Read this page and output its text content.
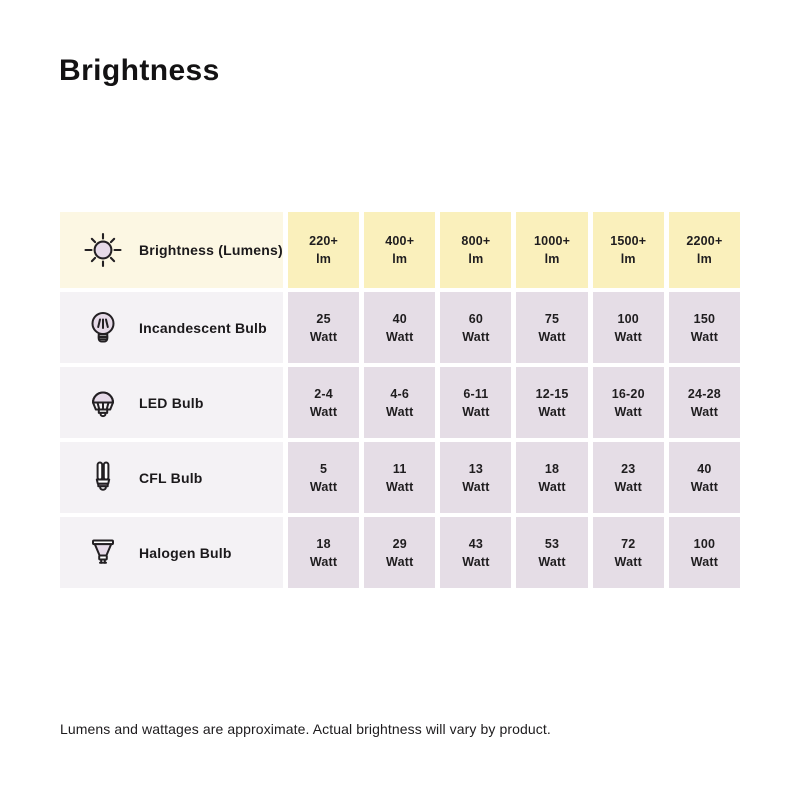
Brightness
Brightness (Lumens)
220+
lm
400+
lm
800+
lm
1000+
lm
1500+
lm
2200+
lm
Incandescent Bulb
25
Watt
40
Watt
60
Watt
75
Watt
100
Watt
150
Watt
LED Bulb
2-4
Watt
4-6
Watt
6-11
Watt
12-15
Watt
16-20
Watt
24-28
Watt
CFL Bulb
5
Watt
11
Watt
13
Watt
18
Watt
23
Watt
40
Watt
Halogen Bulb
18
Watt
29
Watt
43
Watt
53
Watt
72
Watt
100
Watt
Lumens and wattages are approximate. Actual brightness will vary by product.
